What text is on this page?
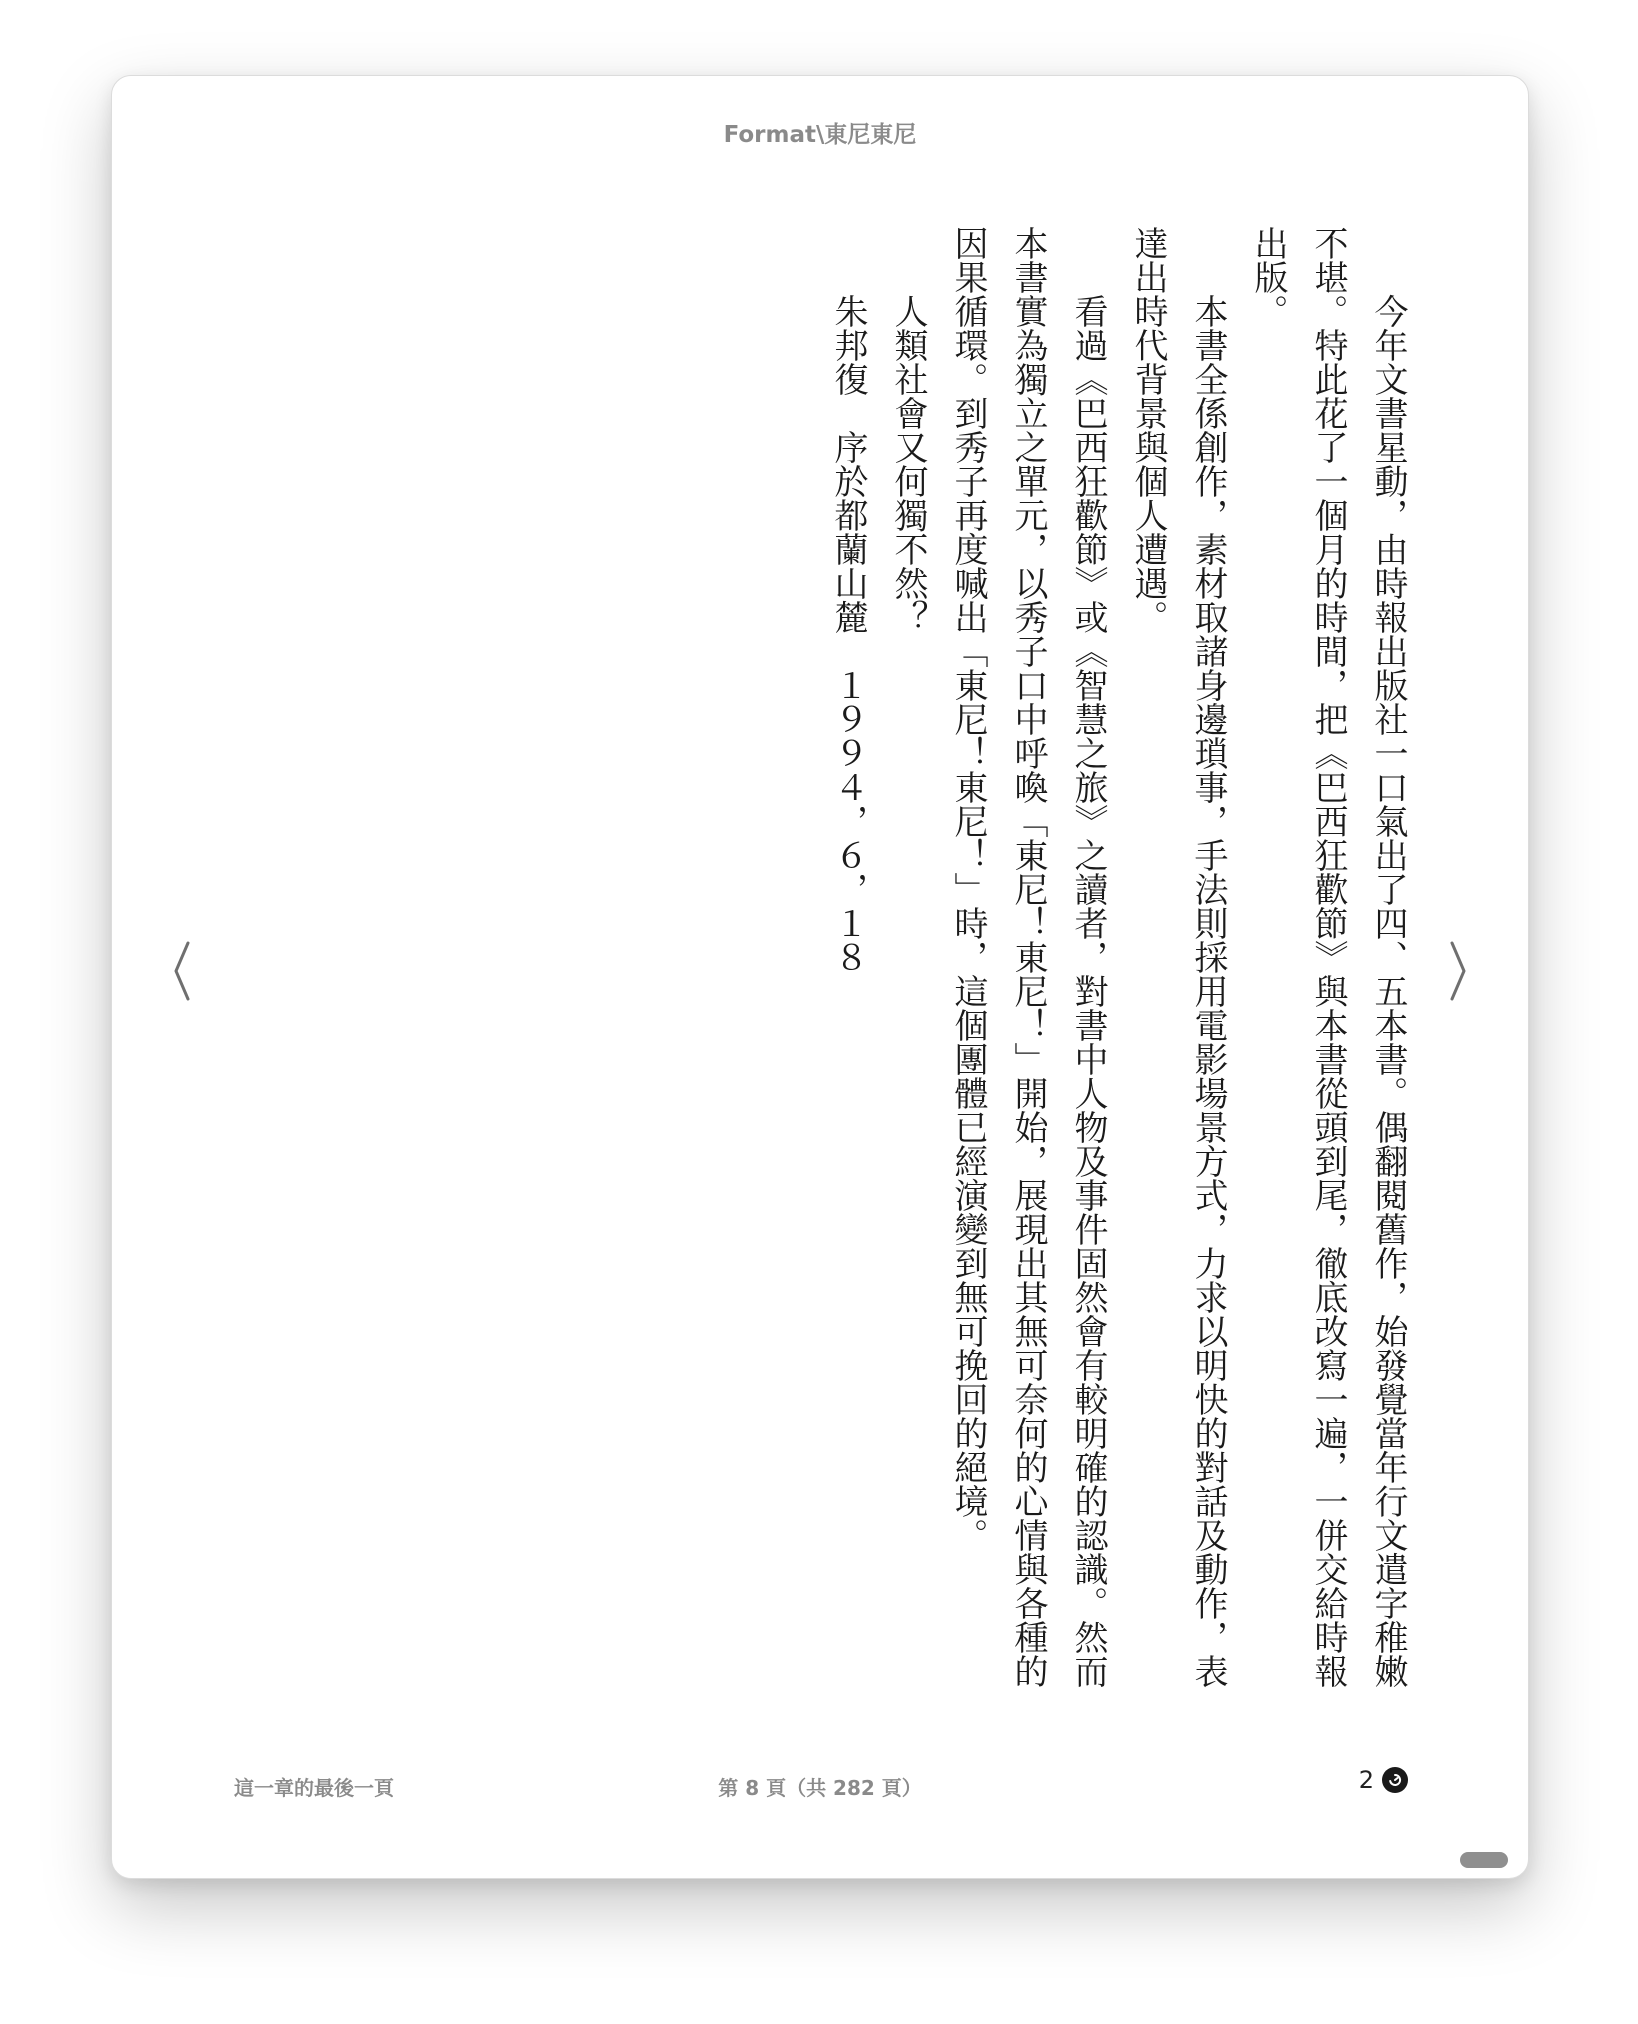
Format\東尼東尼

今年文書星動，由時報出版社一口氣出了四、五本書。偶翻閱舊作，始發覺當年行文遣字稚嫩不堪。特此花了一個月的時間，把《巴西狂歡節》與本書從頭到尾，徹底改寫一遍，一併交給時報出版。

本書全係創作，素材取諸身邊瑣事，手法則採用電影場景方式，力求以明快的對話及動作，表達出時代背景與個人遭遇。

看過《巴西狂歡節》或《智慧之旅》之讀者，對書中人物及事件固然會有較明確的認識。然而本書實為獨立之單元，以秀子口中呼喚「東尼！東尼！」開始，展現出其無可奈何的心情與各種的因果循環。到秀子再度喊出「東尼！東尼！」時，這個團體已經演變到無可挽回的絕境。

人類社會又何獨不然？

朱邦復　序於都蘭山麓　１９９４，６，１８

這一章的最後一頁	第 8 頁（共 282 頁）	2
